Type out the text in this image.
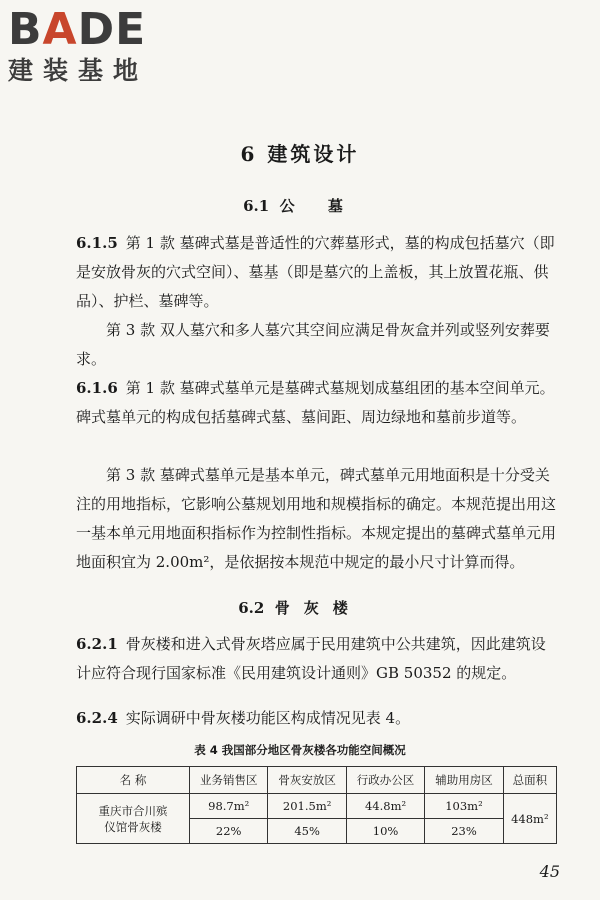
BADE
建装基地
6 建筑设计
6.1 公 墓
6.1.5 第 1 款 墓碑式墓是普适性的穴葬墓形式，墓的构成包括墓穴（即是安放骨灰的穴式空间）、墓基（即是墓穴的上盖板，其上放置花瓶、供品）、护栏、墓碑等。
第 3 款 双人墓穴和多人墓穴其空间应满足骨灰盒并列或竖列安葬要求。
6.1.6 第 1 款 墓碑式墓单元是墓碑式墓规划成墓组团的基本空间单元。碑式墓单元的构成包括墓碑式墓、墓间距、周边绿地和墓前步道等。
第 3 款 墓碑式墓单元是基本单元，碑式墓单元用地面积是十分受关注的用地指标，它影响公墓规划用地和规模指标的确定。本规范提出用这一基本单元用地面积指标作为控制性指标。本规定提出的墓碑式墓单元用地面积宜为 2.00m²，是依据按本规范中规定的最小尺寸计算而得。
6.2 骨灰楼
6.2.1 骨灰楼和进入式骨灰塔应属于民用建筑中公共建筑，因此建筑设计应符合现行国家标准《民用建筑设计通则》GB 50352 的规定。
6.2.4 实际调研中骨灰楼功能区构成情况见表 4。
表 4 我国部分地区骨灰楼各功能空间概况
名 称	业务销售区	骨灰安放区	行政办公区	辅助用房区	总面积
重庆市合川殡
仪馆骨灰楼	98.7m²	201.5m²	44.8m²	103m²	448m²
	22%	45%	10%	23%	
45
